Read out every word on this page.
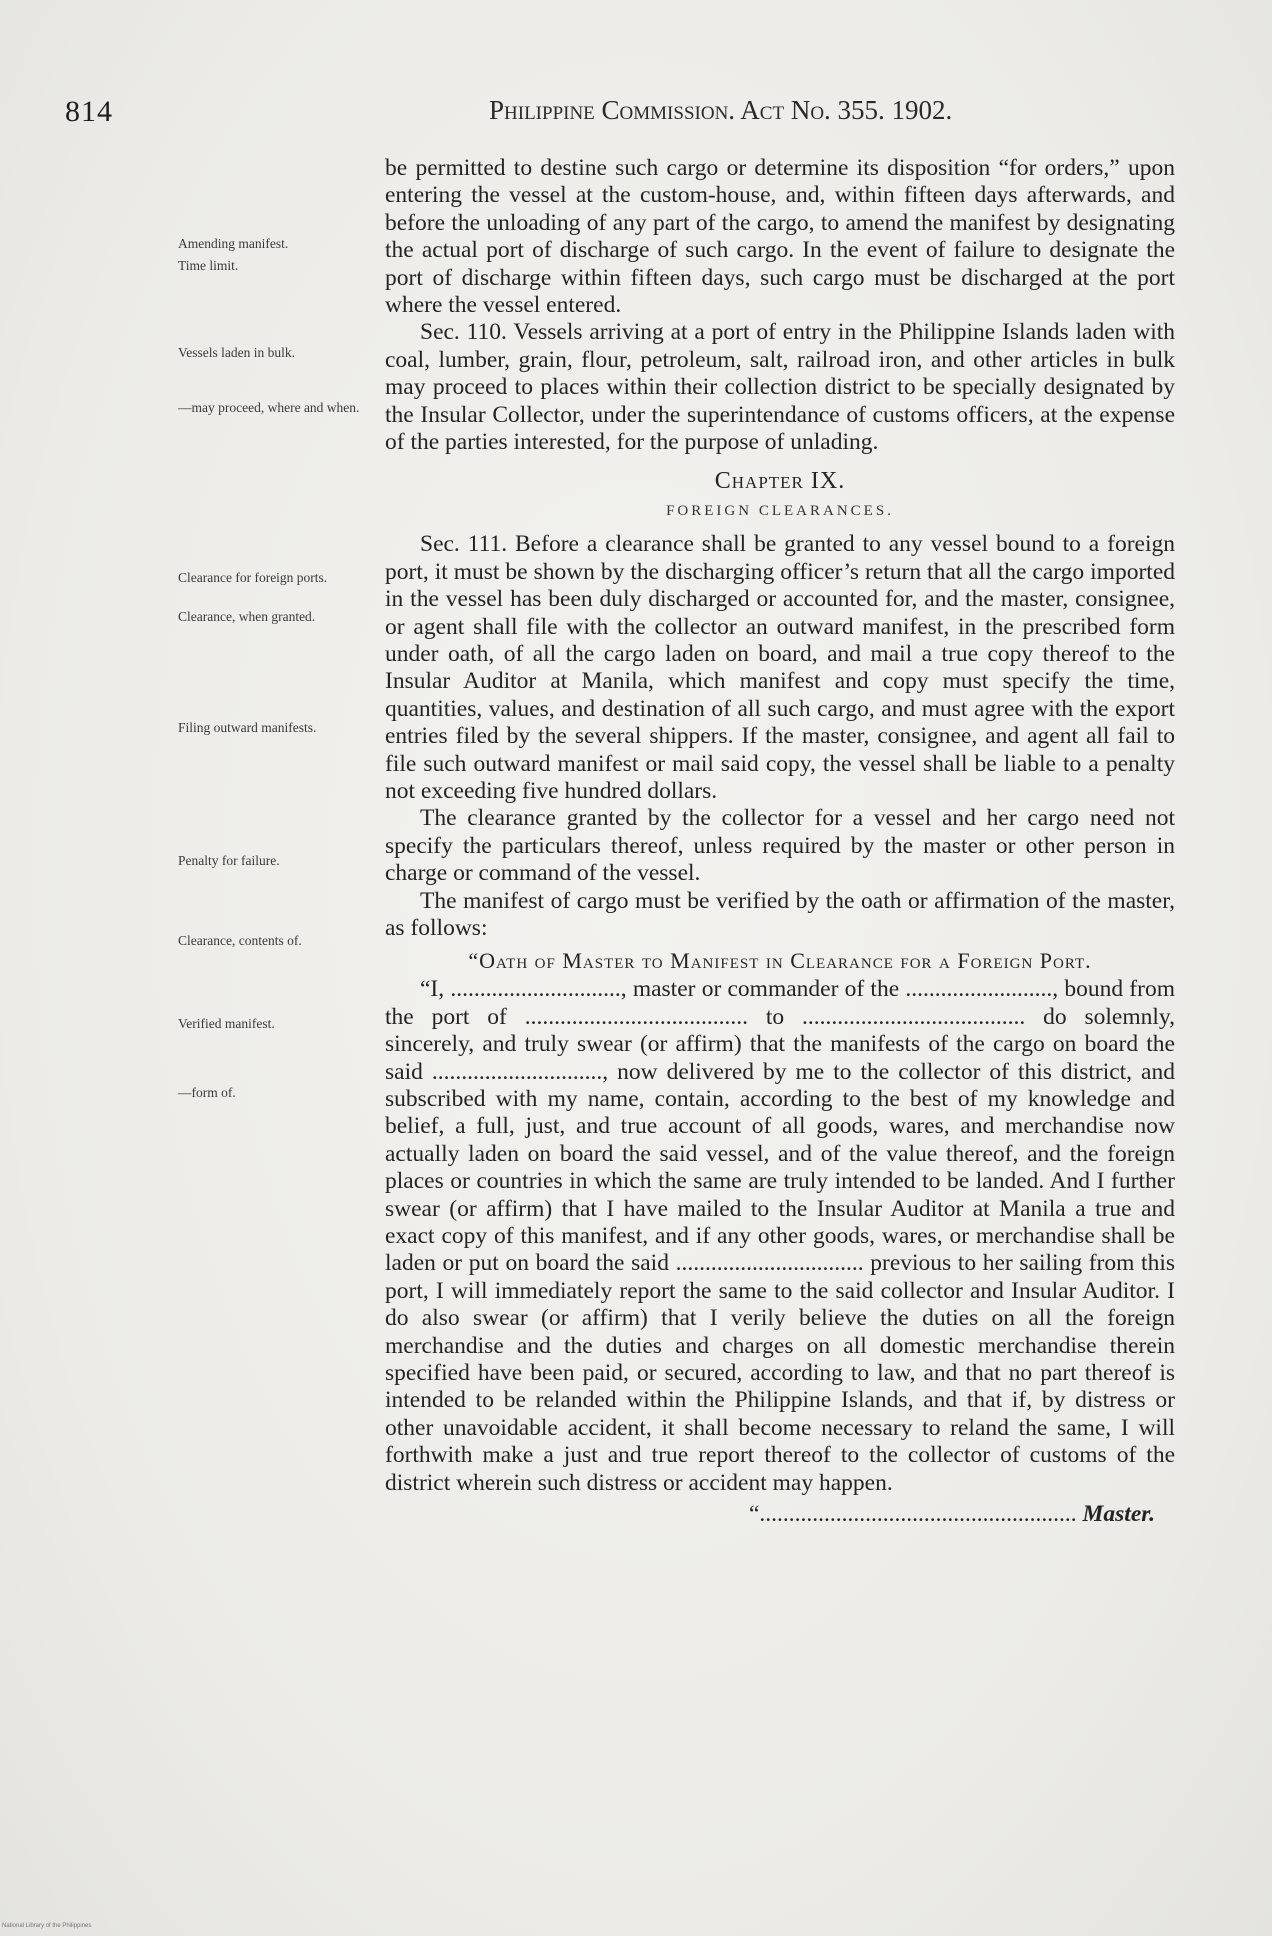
814	Philippine Commission. Act No. 355. 1902.
Amending manifest.
Time limit.
Vessels laden in bulk.
—may proceed, where and when.
Clearance for foreign ports.
Clearance, when granted.
Filing outward manifests.
Penalty for failure.
Clearance, contents of.
Verified manifest.
—form of.

be permitted to destine such cargo or determine its disposition “for orders,” upon entering the vessel at the custom-house, and, within fifteen days afterwards, and before the unloading of any part of the cargo, to amend the manifest by designating the actual port of discharge of such cargo. In the event of failure to designate the port of discharge within fifteen days, such cargo must be discharged at the port where the vessel entered.

Sec. 110. Vessels arriving at a port of entry in the Philippine Islands laden with coal, lumber, grain, flour, petroleum, salt, railroad iron, and other articles in bulk may proceed to places within their collection district to be specially designated by the Insular Collector, under the superintendance of customs officers, at the expense of the parties interested, for the purpose of unlading.

Chapter IX.
FOREIGN CLEARANCES.

Sec. 111. Before a clearance shall be granted to any vessel bound to a foreign port, it must be shown by the discharging officer’s return that all the cargo imported in the vessel has been duly discharged or accounted for, and the master, consignee, or agent shall file with the collector an outward manifest, in the prescribed form under oath, of all the cargo laden on board, and mail a true copy thereof to the Insular Auditor at Manila, which manifest and copy must specify the time, quantities, values, and destination of all such cargo, and must agree with the export entries filed by the several shippers. If the master, consignee, and agent all fail to file such outward manifest or mail said copy, the vessel shall be liable to a penalty not exceeding five hundred dollars.

The clearance granted by the collector for a vessel and her cargo need not specify the particulars thereof, unless required by the master or other person in charge or command of the vessel.

The manifest of cargo must be verified by the oath or affirmation of the master, as follows:

“Oath of Master to Manifest in Clearance for a Foreign Port.

“I, ............................., master or commander of the ........................., bound from the port of ...................................... to ...................................... do solemnly, sincerely, and truly swear (or affirm) that the manifests of the cargo on board the said ............................., now delivered by me to the collector of this district, and subscribed with my name, contain, according to the best of my knowledge and belief, a full, just, and true account of all goods, wares, and merchandise now actually laden on board the said vessel, and of the value thereof, and the foreign places or countries in which the same are truly intended to be landed. And I further swear (or affirm) that I have mailed to the Insular Auditor at Manila a true and exact copy of this manifest, and if any other goods, wares, or merchandise shall be laden or put on board the said ................................ previous to her sailing from this port, I will immediately report the same to the said collector and Insular Auditor. I do also swear (or affirm) that I verily believe the duties on all the foreign merchandise and the duties and charges on all domestic merchandise therein specified have been paid, or secured, according to law, and that no part thereof is intended to be relanded within the Philippine Islands, and that if, by distress or other unavoidable accident, it shall become necessary to reland the same, I will forthwith make a just and true report thereof to the collector of customs of the district wherein such distress or accident may happen.

“...................................................... Master.
National Library of the Philippines
